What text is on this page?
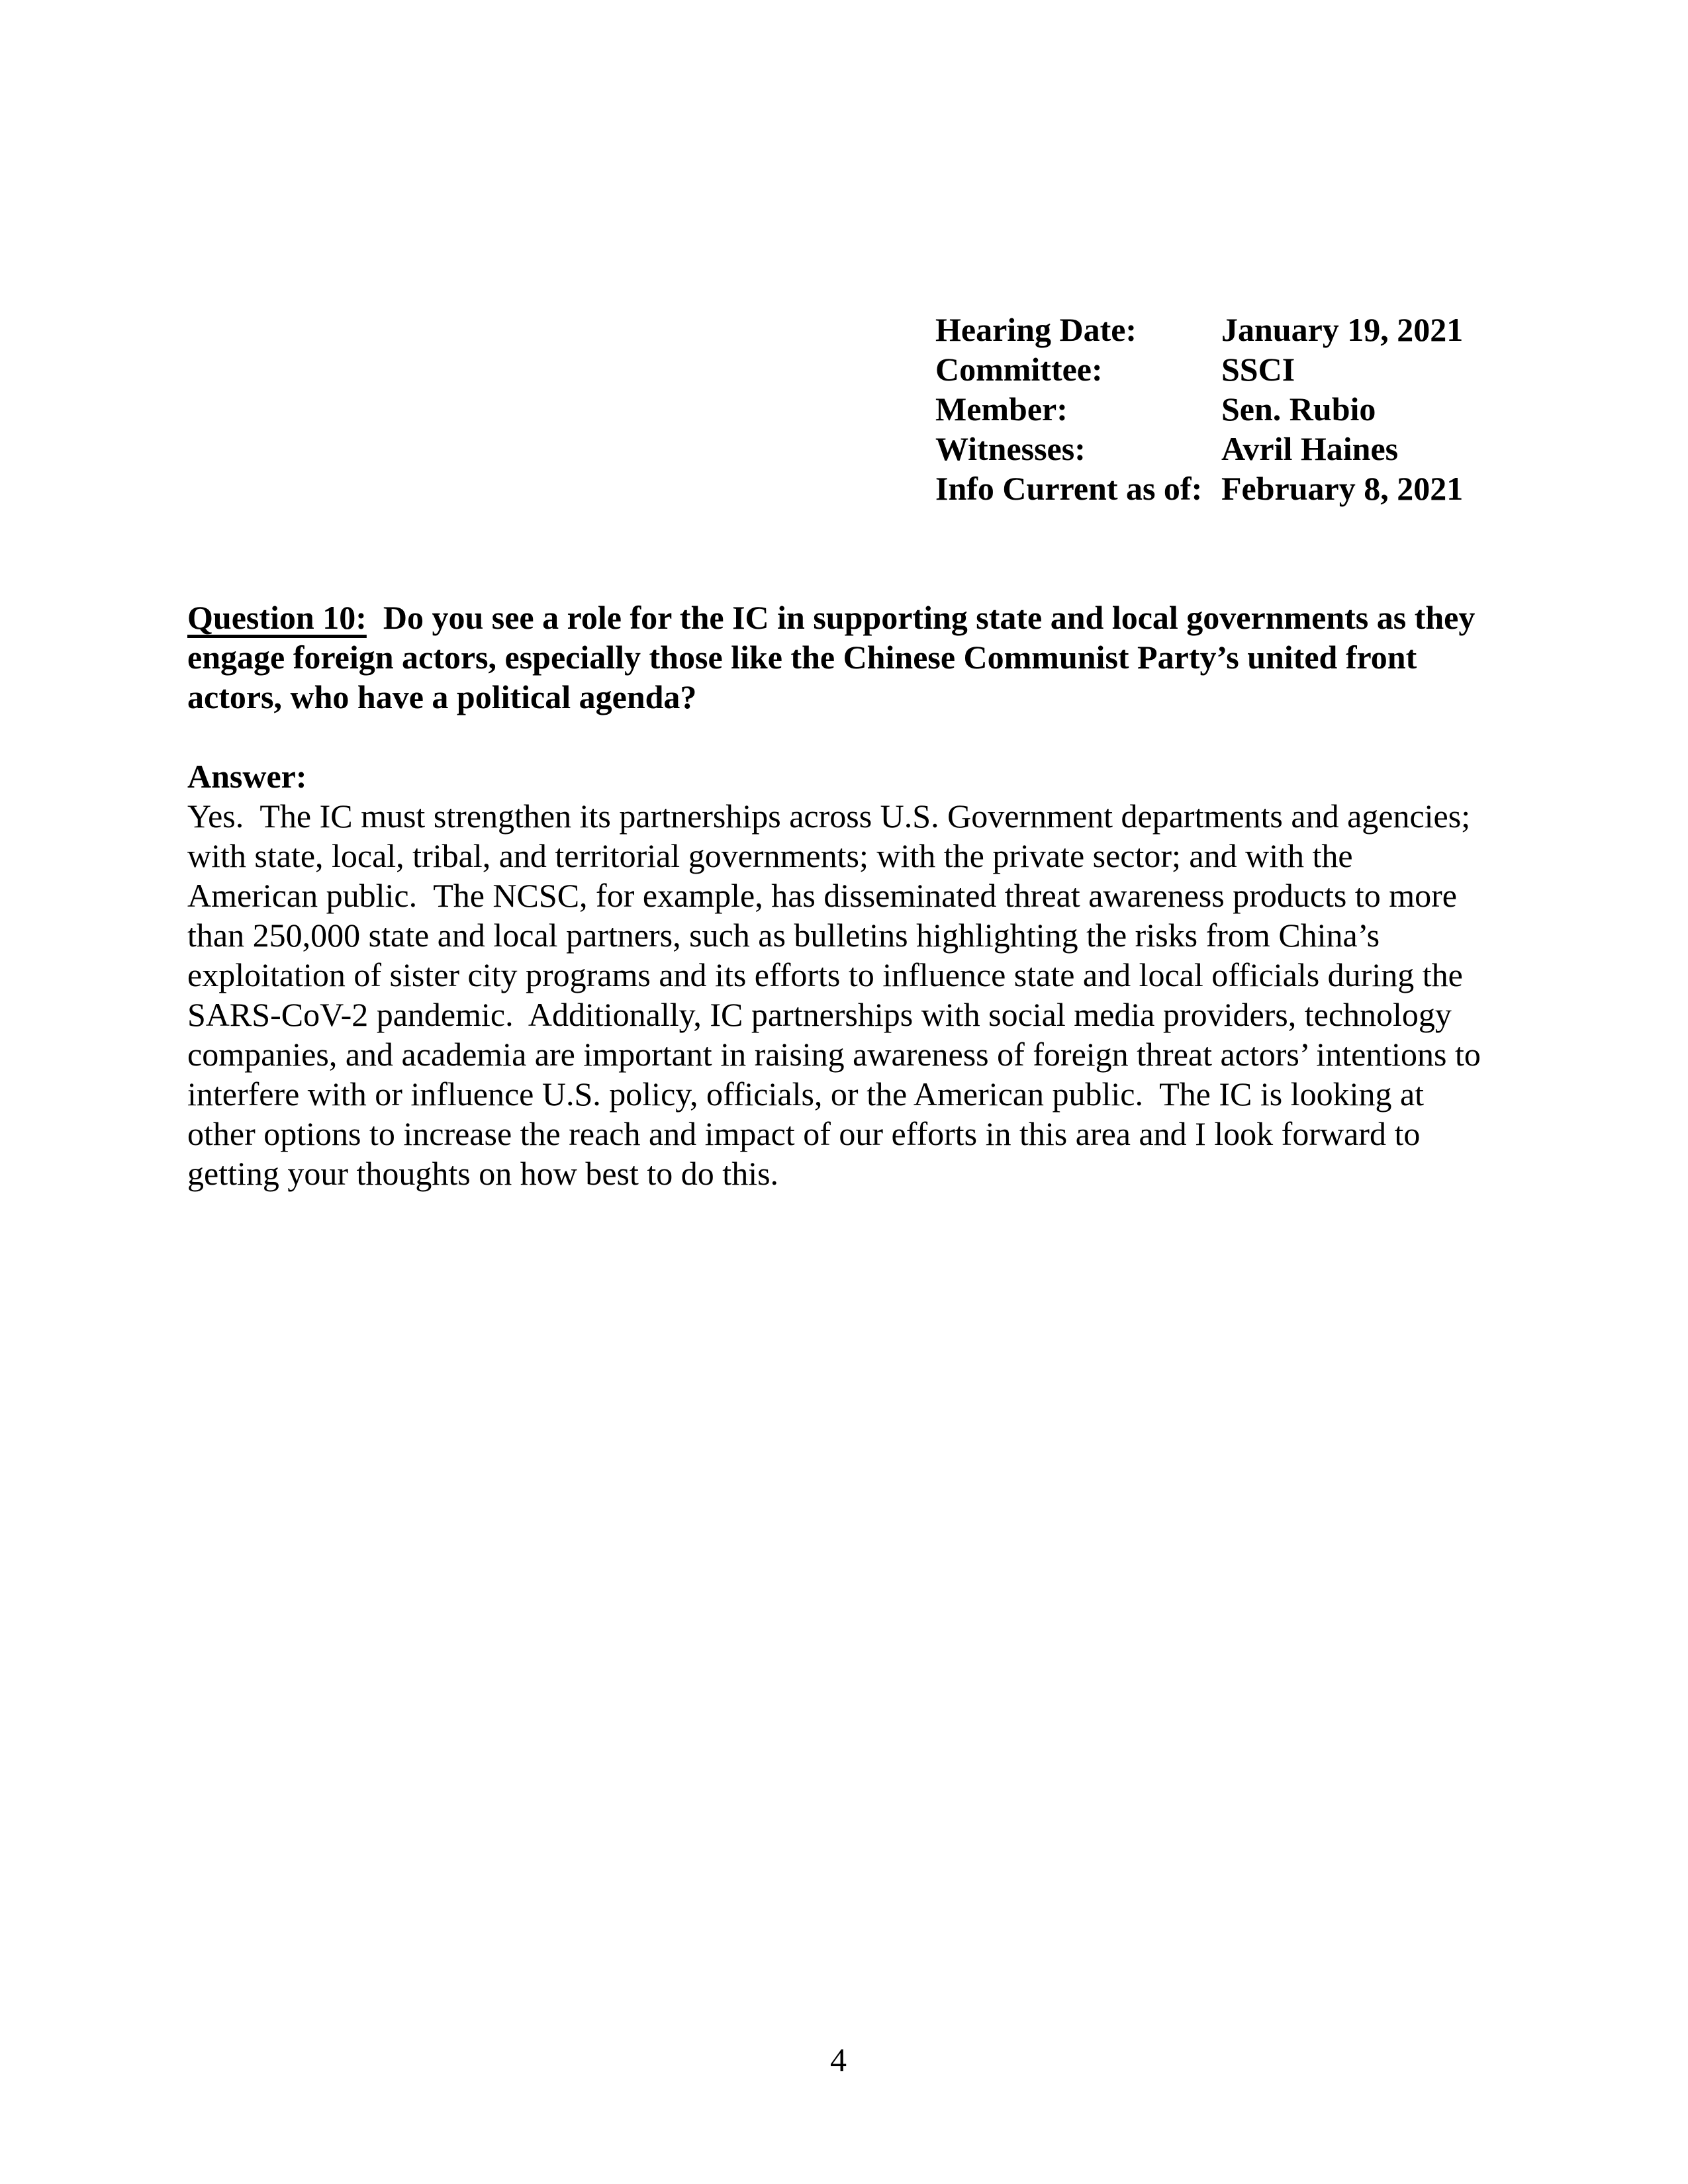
Hearing Date:	January 19, 2021
Committee:	SSCI
Member:	Sen. Rubio
Witnesses:	Avril Haines
Info Current as of: February 8, 2021
Question 10:  Do you see a role for the IC in supporting state and local governments as they engage foreign actors, especially those like the Chinese Communist Party’s united front actors, who have a political agenda?
Answer:
Yes.  The IC must strengthen its partnerships across U.S. Government departments and agencies; with state, local, tribal, and territorial governments; with the private sector; and with the American public.  The NCSC, for example, has disseminated threat awareness products to more than 250,000 state and local partners, such as bulletins highlighting the risks from China’s exploitation of sister city programs and its efforts to influence state and local officials during the SARS-CoV-2 pandemic.  Additionally, IC partnerships with social media providers, technology companies, and academia are important in raising awareness of foreign threat actors’ intentions to interfere with or influence U.S. policy, officials, or the American public.  The IC is looking at other options to increase the reach and impact of our efforts in this area and I look forward to getting your thoughts on how best to do this.
4
